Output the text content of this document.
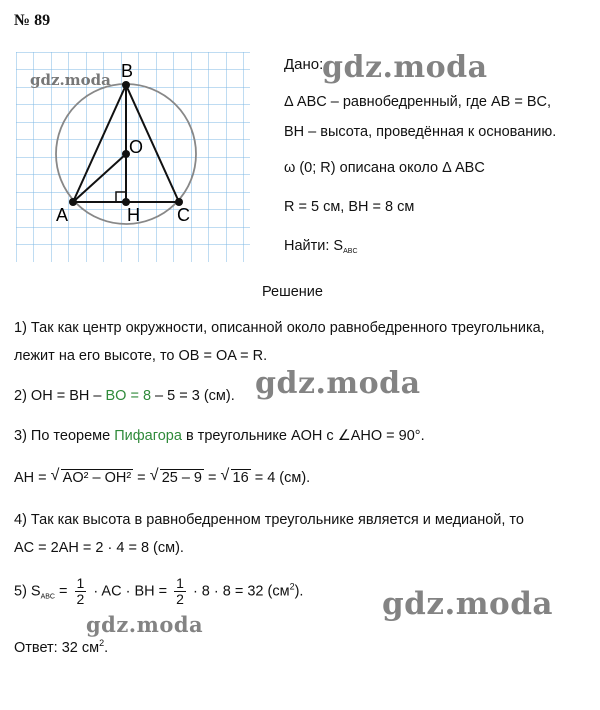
№ 89
B
O
A	H C
gdz.moda
Дано:
gdz.moda
Δ ABC – равнобедренный, где AB = BC,
BH – высота, проведённая к основанию.
ω (0; R) описана около Δ ABC
R = 5 см, BH = 8 см
Найти: $S_{ABC}$
Решение
1) Так как центр окружности, описанной около равнобедренного треугольника,
лежит на его высоте, то OB = OA = R.
2) OH = BH – BO = 8 – 5 = 3 (см). gdz.moda
3) По теореме Пифагора в треугольнике AOH с ∠AHO = 90°.
AH = √ AO² – OH² = √ 25 – 9 = √ 16 = 4 (см).
4) Так как высота в равнобедренном треугольнике является и медианой, то
AC = 2AH = 2 · 4 = 8 (см).
5) $S_{ABC} = \frac{1}{2}$ · AC · BH = $\frac{1}{2} \cdot 8 \cdot 8 = 32$ $(см^2)$.	gdz.moda
gdz.moda
Ответ: 32 $см^2$.
